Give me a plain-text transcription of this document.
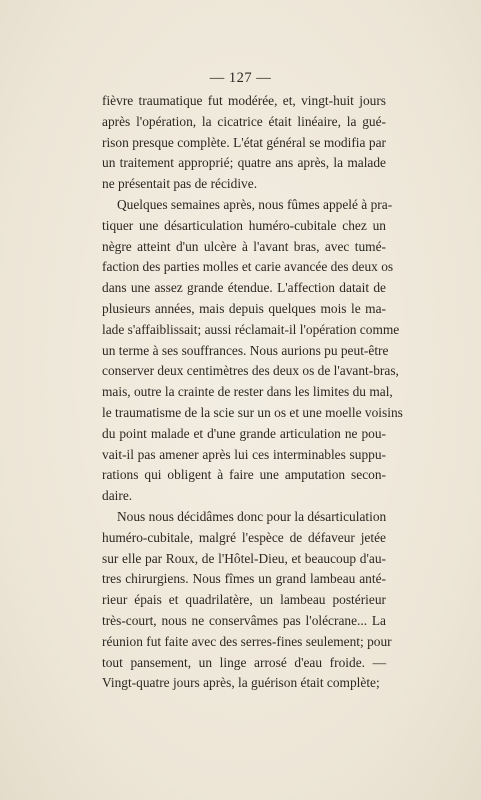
— 127 —
fièvre traumatique fut modérée, et, vingt-huit jours
après l'opération, la cicatrice était linéaire, la gué-
rison presque complète. L'état général se modifia par
un traitement approprié; quatre ans après, la malade
ne présentait pas de récidive.
Quelques semaines après, nous fûmes appelé à pra-
tiquer une désarticulation huméro-cubitale chez un
nègre atteint d'un ulcère à l'avant bras, avec tumé-
faction des parties molles et carie avancée des deux os
dans une assez grande étendue. L'affection datait de
plusieurs années, mais depuis quelques mois le ma-
lade s'affaiblissait; aussi réclamait-il l'opération comme
un terme à ses souffrances. Nous aurions pu peut-être
conserver deux centimètres des deux os de l'avant-bras,
mais, outre la crainte de rester dans les limites du mal,
le traumatisme de la scie sur un os et une moelle voisins
du point malade et d'une grande articulation ne pou-
vait-il pas amener après lui ces interminables suppu-
rations qui obligent à faire une amputation secon-
daire.
Nous nous décidâmes donc pour la désarticulation
huméro-cubitale, malgré l'espèce de défaveur jetée
sur elle par Roux, de l'Hôtel-Dieu, et beaucoup d'au-
tres chirurgiens. Nous fîmes un grand lambeau anté-
rieur épais et quadrilatère, un lambeau postérieur
très-court, nous ne conservâmes pas l'olécrane... La
réunion fut faite avec des serres-fines seulement; pour
tout pansement, un linge arrosé d'eau froide. —
Vingt-quatre jours après, la guérison était complète;
